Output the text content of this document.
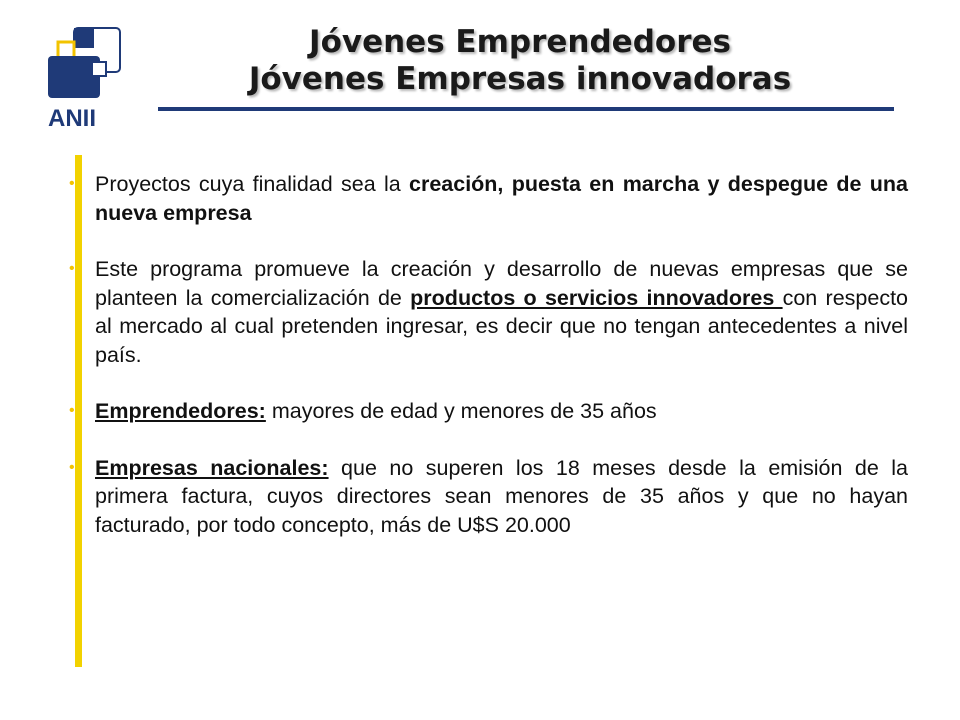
ANII
Jóvenes Emprendedores
Jóvenes Empresas innovadoras
• Proyectos cuya finalidad sea la creación, puesta en marcha y despegue de una nueva empresa
• Este programa promueve la creación y desarrollo de nuevas empresas que se planteen la comercialización de productos o servicios innovadores con respecto al mercado al cual pretenden ingresar, es decir que no tengan antecedentes a nivel país.
• Emprendedores: mayores de edad y menores de 35 años
• Empresas nacionales: que no superen los 18 meses desde la emisión de la primera factura, cuyos directores sean menores de 35 años y que no hayan facturado, por todo concepto, más de U$S 20.000
